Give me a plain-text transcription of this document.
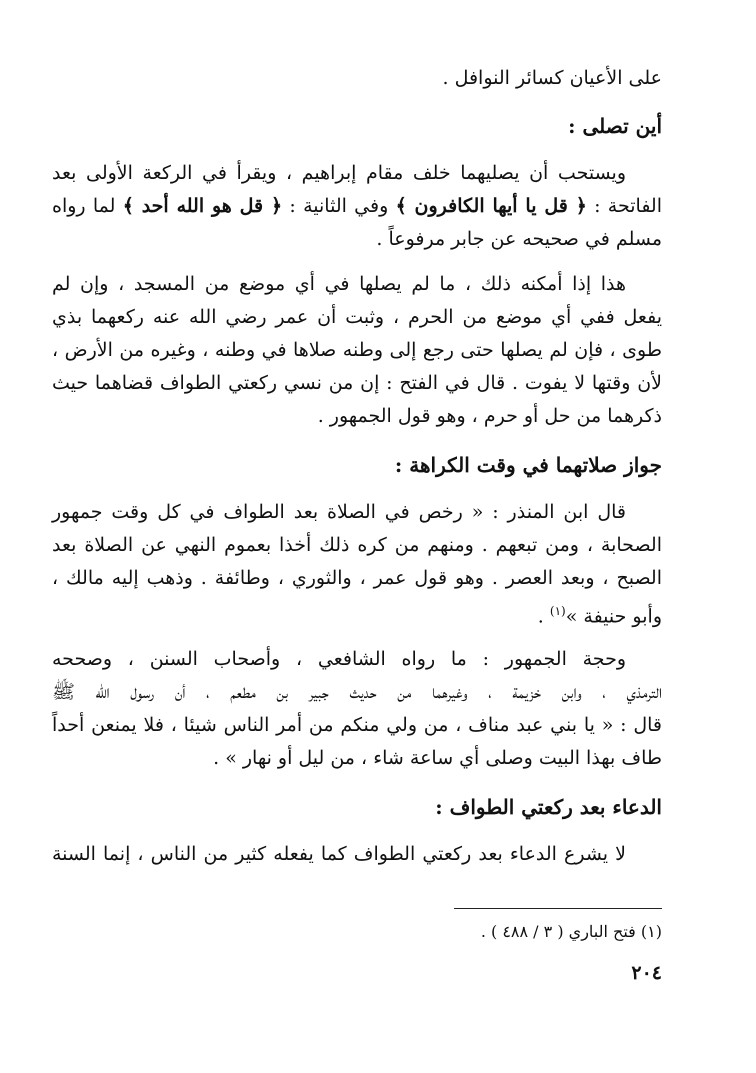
على الأعيان كسائر النوافل .
أين تصلى :
ويستحب أن يصليهما خلف مقام إبراهيم ، ويقرأ في الركعة الأولى بعد
الفاتحة : ﴿ قل يا أيها الكافرون ﴾ وفي الثانية : ﴿ قل هو الله أحد ﴾ لما رواه
مسلم في صحيحه عن جابر مرفوعاً .
هذا إذا أمكنه ذلك ، ما لم يصلها في أي موضع من المسجد ، وإن لم
يفعل ففي أي موضع من الحرم ، وثبت أن عمر رضي الله عنه ركعهما بذي
طوى ، فإن لم يصلها حتى رجع إلى وطنه صلاها في وطنه ، وغيره من الأرض ،
لأن وقتها لا يفوت . قال في الفتح : إن من نسي ركعتي الطواف قضاهما حيث
ذكرهما من حل أو حرم ، وهو قول الجمهور .
جواز صلاتهما في وقت الكراهة :
قال ابن المنذر : « رخص في الصلاة بعد الطواف في كل وقت جمهور
الصحابة ، ومن تبعهم . ومنهم من كره ذلك أخذا بعموم النهي عن الصلاة بعد
الصبح ، وبعد العصر . وهو قول عمر ، والثوري ، وطائفة . وذهب إليه مالك ،
وأبو حنيفة »$^{(١)}$ .
وحجة الجمهور : ما رواه الشافعي ، وأصحاب السنن ، وصححه
الترمذي ، وابن خزيمة ، وغيرهما من حديث جبير بن مطعم ، أن رسول الله ﷺ
قال : « يا بني عبد مناف ، من ولي منكم من أمر الناس شيئا ، فلا يمنعن أحداً
طاف بهذا البيت وصلى أي ساعة شاء ، من ليل أو نهار » .
الدعاء بعد ركعتي الطواف :
لا يشرع الدعاء بعد ركعتي الطواف كما يفعله كثير من الناس ، إنما السنة
(١) فتح الباري ( ٣ / ٤٨٨ ) .
٢٠٤
